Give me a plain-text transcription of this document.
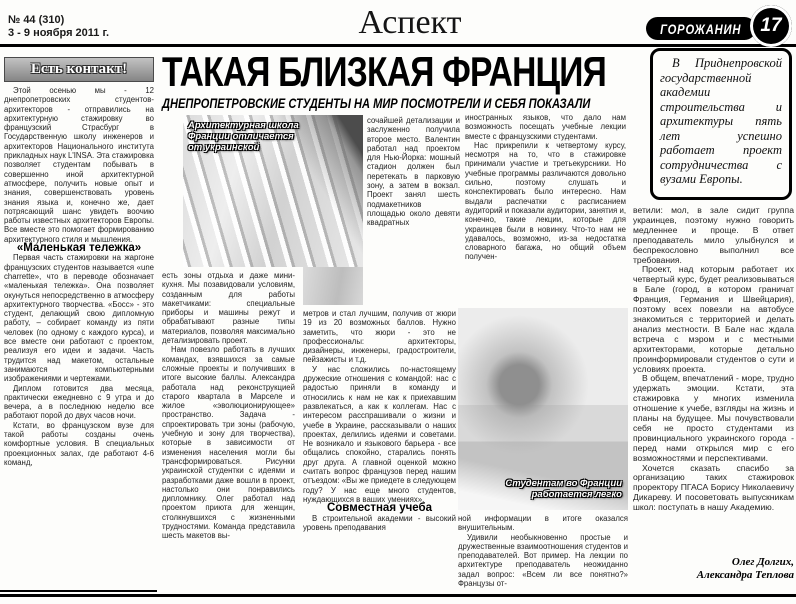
№ 44 (310)
3 - 9 ноября 2011 г.	Аспект	ГОРОЖАНИН 17
Есть контакт!

Этой осенью мы - 12 днепропетровских студентов-архитекторов - отправились на архитектурную стажировку во французский Страсбург в Государственную школу инженеров и архитекторов Национального института прикладных наук L'INSA. Эта стажировка позволяет студентам побывать в совершенно иной архитектурной атмосфере, получить новые опыт и знания, совершенствовать уровень знания языка и, конечно же, дает потрясающий шанс увидеть воочию работы известных архитекторов Европы. Все вместе это помогает формированию архитектурного стиля и мышления.

«Маленькая тележка»

Первая часть стажировки на жаргоне французских студентов называется «une charrette», что в переводе обозначает «маленькая тележка». Она позволяет окунуться непосредственно в атмосферу архитектурного творчества. «Босс» - это студент, делающий свою дипломную работу, – собирает команду из пяти человек (по одному с каждого курса), и все вместе они работают с проектом, реализуя его идеи и задачи. Часть трудится над макетом, остальные занимаются компьютерными изображениями и чертежами.

Диплом готовится два месяца, практически ежедневно с 9 утра и до вечера, а в последнюю неделю все работают порой до двух часов ночи.

Кстати, во французском вузе для такой работы созданы очень комфортные условия. В специальных проекционных залах, где работают 4-6 команд,

ТАКАЯ БЛИЗКАЯ ФРАНЦИЯ
ДНЕПРОПЕТРОВСКИЕ СТУДЕНТЫ НА МИР ПОСМОТРЕЛИ И СЕБЯ ПОКАЗАЛИ
Архитектурная школа Франции отличается от украинской

есть зоны отдыха и даже мини-кухня. Мы позавидовали условиям, созданным для работы макетчиками: специальные приборы и машины режут и обрабатывают разные типы материалов, позволяя максимально детализировать проект.

Нам повезло работать в лучших командах, взявшихся за самые сложные проекты и получивших в итоге высокие баллы. Александра работала над реконструкцией старого квартала в Марселе и жилое «эволюционирующее» пространство. Задача - спроектировать три зоны (рабочую, учебную и зону для творчества), которые в зависимости от изменения населения могли бы трансформироваться. Рисунки украинской студентки с идеями и разработками даже вошли в проект, настолько они понравились дипломнику. Олег работал над проектом приюта для женщин, столкнувшихся с жизненными трудностями. Команда представила шесть макетов вы-

сочайшей детализации и заслуженно получила второе место. Валентин работал над проектом для Нью-Йорка: мошный стадион должен был перетекать в парковую зону, а затем в вокзал. Проект занял шесть подмакетников площадью около девяти квадратных

метров и стал лучшим, получив от жюри 19 из 20 возможных баллов. Нужно заметить, что жюри - это не профессионалы: архитекторы, дизайнеры, инженеры, градостроители, пейзажисты и т.д.

У нас сложились по-настоящему дружеские отношения с командой: нас с радостью приняли в команду и относились к нам не как к приехавшим развлекаться, а как к коллегам. Нас с интересом расспрашивали о жизни и учебе в Украине, рассказывали о наших проектах, делились идеями и советами. Не возникало и языкового барьера - все общались спокойно, старались понять друг друга. А главной оценкой можно считать вопрос французов перед нашим отъездом: «Вы же приедете в следующем году? У нас еще много студентов, нуждающихся в ваших умениях».

Совместная учеба

В строительной академии - высокий уровень преподавания

иностранных языков, что дало нам возможность посещать учебные лекции вместе с французскими студентами.

Нас прикрепили к четвертому курсу, несмотря на то, что в стажировке принимали участие и третьекурсники. Но учебные программы различаются довольно сильно, поэтому слушать и конспектировать было интересно. Нам выдали распечатки с расписанием аудиторий и показали аудитории, занятия и, конечно, такие лекции, которые для украинцев были в новинку. Что-то нам не удавалось, возможно, из-за недостатка словарного багажа, но общий объем получен-

Студентам во Франции работается легко

ной информации в итоге оказался внушительным.

Удивили необыкновенно простые и дружественные взаимоотношения студентов и преподавателей. Вот пример. На лекции по архитектуре преподаватель неожиданно задал вопрос: «Всем ли все понятно?» Французы от-

В Приднепровской государственной академии строительства и архитектуры пять лет успешно работает проект сотрудничества с вузами Европы.

ветили: мол, в зале сидит группа украинцев, поэтому нужно говорить медленнее и проще. В ответ преподаватель мило улыбнулся и беспрекословно выполнил все требования.

Проект, над которым работает их четвертый курс, будет реализовываться в Бале (город, в котором граничат Франция, Германия и Швейцария), поэтому всех повезли на автобусе знакомиться с территорией и делать анализ местности. В Бале нас ждала встреча с мэром и с местными архитекторами, которые детально проинформировали студентов о сути и условиях проекта.

В общем, впечатлений - море, трудно удержать эмоции. Кстати, эта стажировка у многих изменила отношение к учебе, взгляды на жизнь и планы на будущее. Мы почувствовали себя не просто студентами из провинциального украинского города - перед нами открылся мир с его возможностями и перспективами.

Хочется сказать спасибо за организацию таких стажировок проректору ПГАСА Борису Николаевичу Дикареву. И посоветовать выпускникам школ: поступать в нашу Академию.

Олег Долгих,
Александра Теплова
